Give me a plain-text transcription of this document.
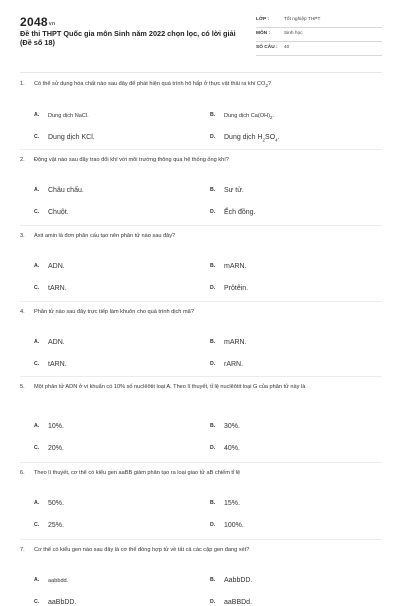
2048vn
Đề thi THPT Quốc gia môn Sinh năm 2022 chọn lọc, có lời giải (Đề số 18)
LỚP :	Tốt nghiệp THPT
MÔN :	Sinh học
SỐ CÂU : 40
1. Có thể sử dụng hóa chất nào sau đây để phát hiện quá trình hô hấp ở thực vật thải ra khí $CO_2$?
A. Dung dịch NaCl.	B. Dung dịch $Ca(OH)_2$.
C. Dung dịch KCl.	D. Dung dịch $H_2SO_4$.
2. Động vật nào sau đây trao đổi khí với môi trường thông qua hệ thống ống khí?
A. Châu chấu.	B. Sư tử.
C. Chuột.	D. Ếch đồng.
3. Axit amin là đơn phân cấu tạo nên phân tử nào sau đây?
A. ADN.	B. mARN.
C. tARN.	D. Prôtêin.
4. Phân tử nào sau đây trực tiếp làm khuôn cho quá trình dịch mã?
A. ADN.	B. mARN.
C. tARN.	D. rARN.
5. Một phân tử ADN ở vi khuẩn có 10% số nuclêôtit loại A. Theo lí thuyết, tỉ lệ nuclêôtit loại G của phân tử này là
A. 10%.	B. 30%.
C. 20%.	D. 40%.
6. Theo lí thuyết, cơ thể có kiểu gen aaBB giảm phân tạo ra loại giao tử aB chiếm tỉ lệ
A. 50%.	B. 15%.
C. 25%.	D. 100%.
7. Cơ thể có kiểu gen nào sau đây là cơ thể đồng hợp tử về tất cả các cặp gen đang xét?
A. aabbdd.	B. AabbDD.
C. aaBbDD.	D. aaBBDd.
